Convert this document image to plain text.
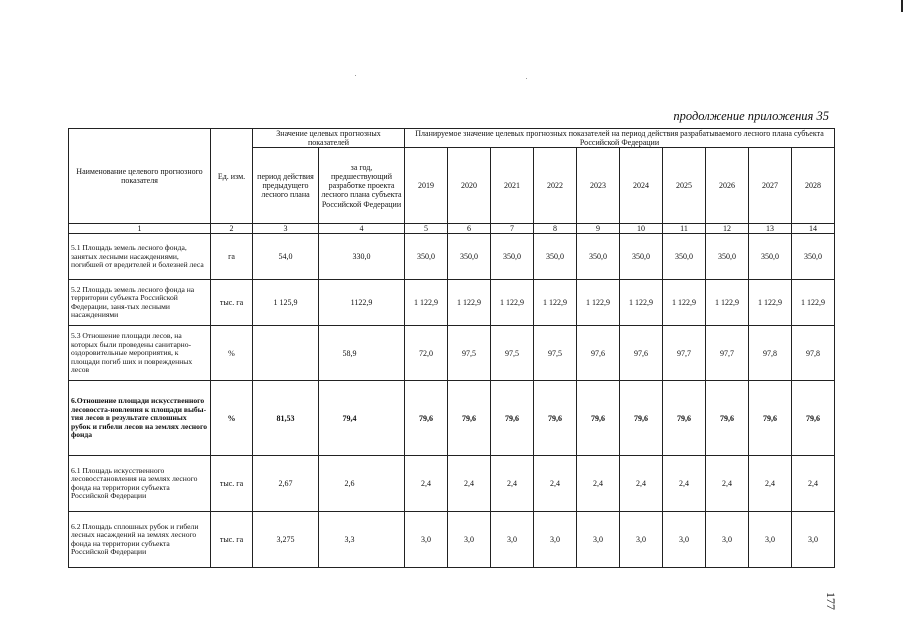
продолжение приложения 35
Наименование целевого прогнозного показателя	Ед. изм.	Значение целевых прогнозных показателей		Планируемое значение целевых прогнозных показателей на период действия разрабатываемого лесного плана субъекта Российской Федерации									
		период действия предыдущего лесного плана	за год, предшествующий разработке проекта лесного плана субъекта Российской Федерации	2019	2020	2021	2022	2023	2024	2025	2026	2027	2028
1	2	3	4	5	6	7	8	9	10	11	12	13	14
5.1 Площадь земель лесного фонда, занятых лесными насаждениями, погибшей от вредителей и болезней леса	га	54,0	330,0	350,0	350,0	350,0	350,0	350,0	350,0	350,0	350,0	350,0	350,0
5.2 Площадь земель лесного фонда на территории субъекта Российской Федерации, заня-тых лесными насаждениями	тыс. га	1 125,9	1122,9	1 122,9	1 122,9	1 122,9	1 122,9	1 122,9	1 122,9	1 122,9	1 122,9	1 122,9	1 122,9
5.3 Отношение площади лесов, на которых были проведены санитарно-оздоровительные мероприятия, к площади погиб ших и поврежденных лесов	%		58,9	72,0	97,5	97,5	97,5	97,6	97,6	97,7	97,7	97,8	97,8
6.Отношение площади искусственного лесовосста-новления к площади выбы-тия лесов в результате сплошных рубок и гибели лесов на землях лесного фонда	%	81,53	79,4	79,6	79,6	79,6	79,6	79,6	79,6	79,6	79,6	79,6	79,6
6.1 Площадь искусственного лесовосстановления на землях лесного фонда на территории субъекта Российской Федерации	тыс. га	2,67	2,6	2,4	2,4	2,4	2,4	2,4	2,4	2,4	2,4	2,4	2,4
6.2 Площадь сплошных рубок и гибели лесных насаждений на землях лесного фонда на территории субъекта Российской Федерации	тыс. га	3,275	3,3	3,0	3,0	3,0	3,0	3,0	3,0	3,0	3,0	3,0	3,0
177
